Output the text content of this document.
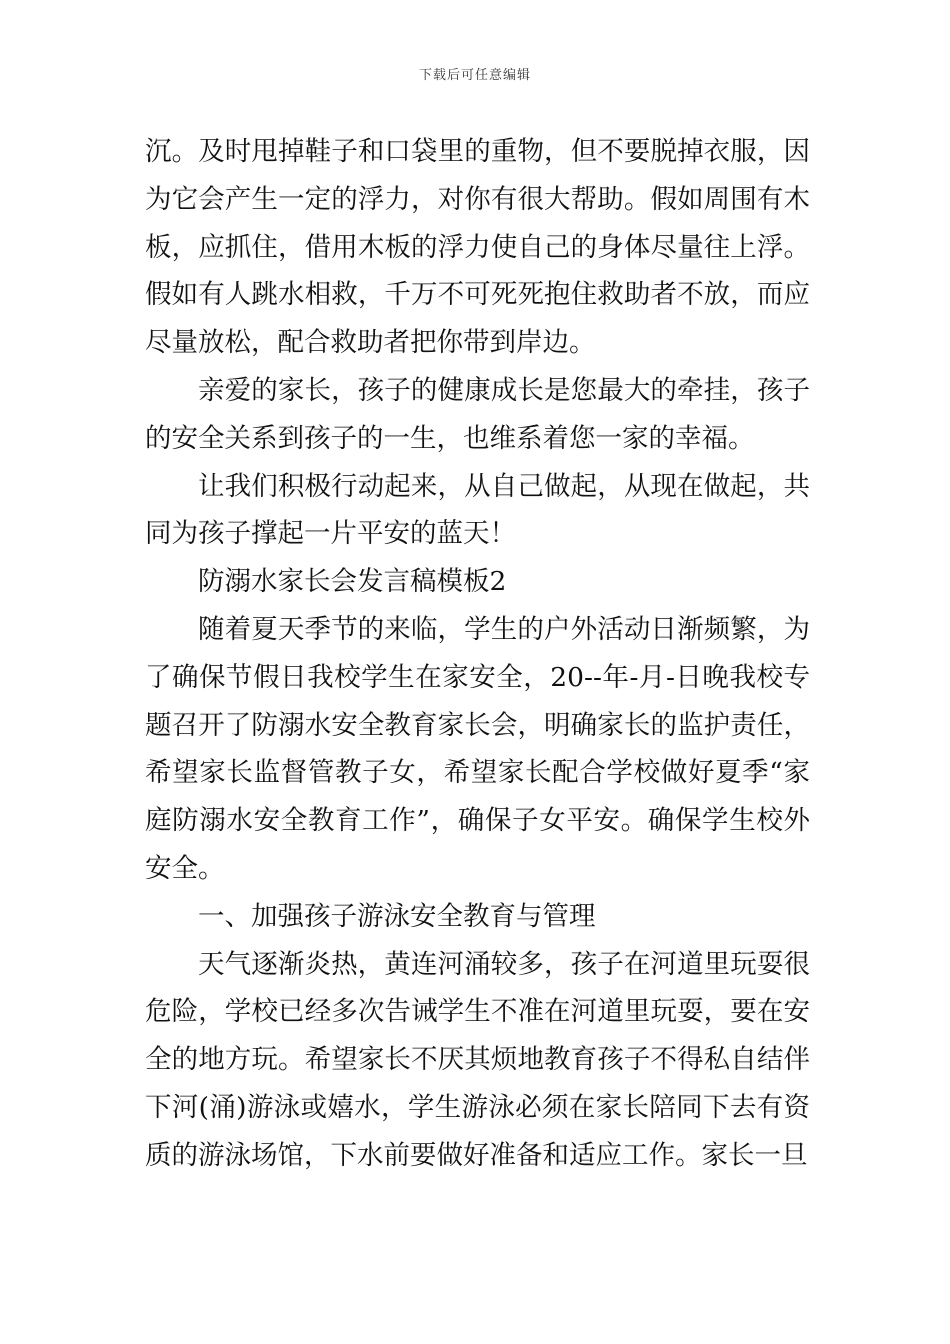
下载后可任意编辑

沉。及时甩掉鞋子和口袋里的重物，但不要脱掉衣服，因为它会产生一定的浮力，对你有很大帮助。假如周围有木板，应抓住，借用木板的浮力使自己的身体尽量往上浮。假如有人跳水相救，千万不可死死抱住救助者不放，而应尽量放松，配合救助者把你带到岸边。

亲爱的家长，孩子的健康成长是您最大的牵挂，孩子的安全关系到孩子的一生，也维系着您一家的幸福。

让我们积极行动起来，从自己做起，从现在做起，共同为孩子撑起一片平安的蓝天！

防溺水家长会发言稿模板2

随着夏天季节的来临，学生的户外活动日渐频繁，为了确保节假日我校学生在家安全，20--年-月-日晚我校专题召开了防溺水安全教育家长会，明确家长的监护责任，希望家长监督管教子女，希望家长配合学校做好夏季“家庭防溺水安全教育工作”，确保子女平安。确保学生校外安全。

一、加强孩子游泳安全教育与管理

天气逐渐炎热，黄连河涌较多，孩子在河道里玩耍很危险，学校已经多次告诫学生不准在河道里玩耍，要在安全的地方玩。希望家长不厌其烦地教育孩子不得私自结伴下河(涌)游泳或嬉水，学生游泳必须在家长陪同下去有资质的游泳场馆，下水前要做好准备和适应工作。家长一旦
